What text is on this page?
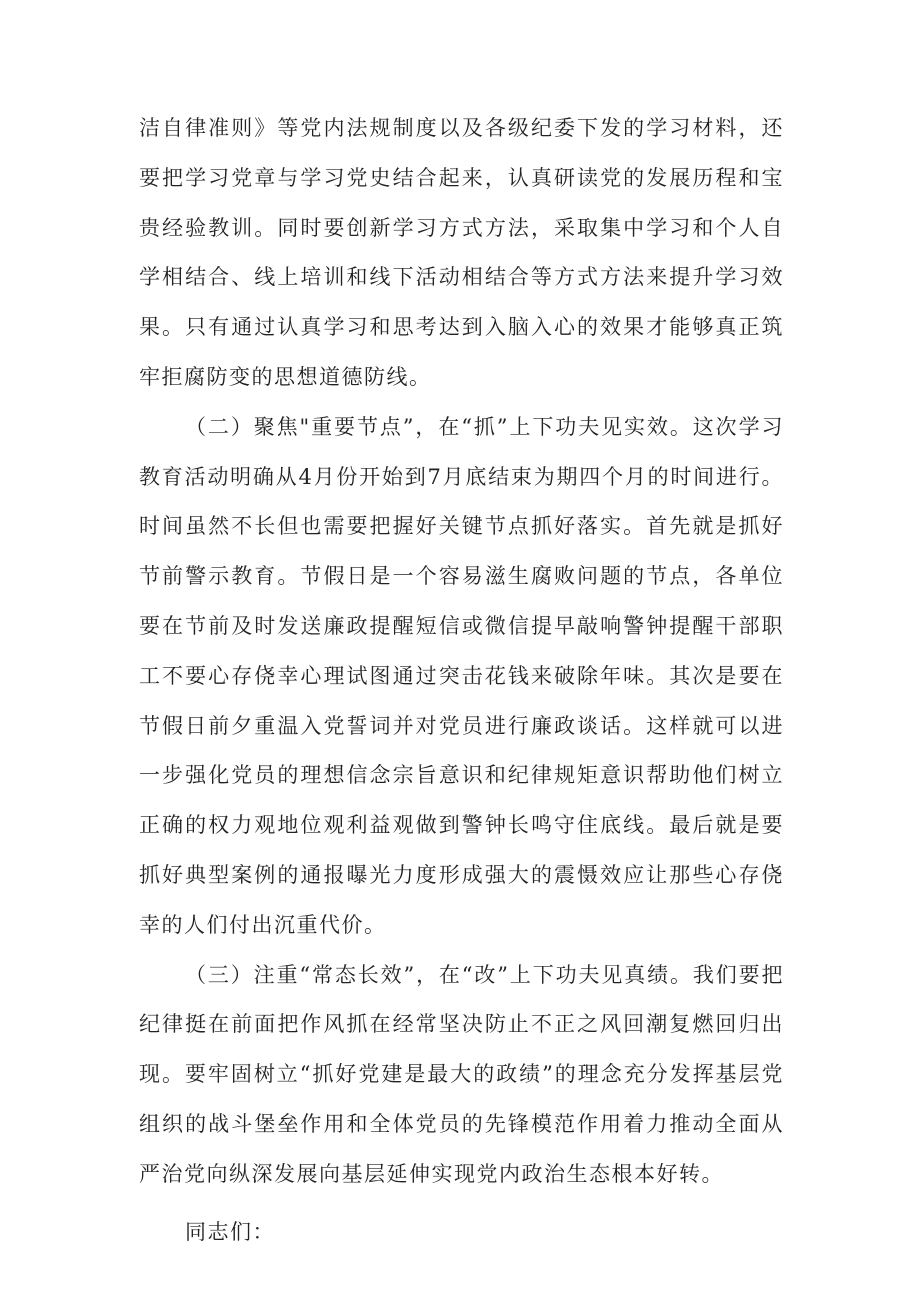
洁自律准则》等党内法规制度以及各级纪委下发的学习材料，还要把学习党章与学习党史结合起来，认真研读党的发展历程和宝贵经验教训。同时要创新学习方式方法，采取集中学习和个人自学相结合、线上培训和线下活动相结合等方式方法来提升学习效果。只有通过认真学习和思考达到入脑入心的效果才能够真正筑牢拒腐防变的思想道德防线。

（二）聚焦"重要节点”，在“抓”上下功夫见实效。这次学习教育活动明确从4月份开始到7月底结束为期四个月的时间进行。时间虽然不长但也需要把握好关键节点抓好落实。首先就是抓好节前警示教育。节假日是一个容易滋生腐败问题的节点，各单位要在节前及时发送廉政提醒短信或微信提早敲响警钟提醒干部职工不要心存侥幸心理试图通过突击花钱来破除年味。其次是要在节假日前夕重温入党誓词并对党员进行廉政谈话。这样就可以进一步强化党员的理想信念宗旨意识和纪律规矩意识帮助他们树立正确的权力观地位观利益观做到警钟长鸣守住底线。最后就是要抓好典型案例的通报曝光力度形成强大的震慑效应让那些心存侥幸的人们付出沉重代价。

（三）注重“常态长效”，在“改”上下功夫见真绩。我们要把纪律挺在前面把作风抓在经常坚决防止不正之风回潮复燃回归出现。要牢固树立“抓好党建是最大的政绩”的理念充分发挥基层党组织的战斗堡垒作用和全体党员的先锋模范作用着力推动全面从严治党向纵深发展向基层延伸实现党内政治生态根本好转。

同志们：
